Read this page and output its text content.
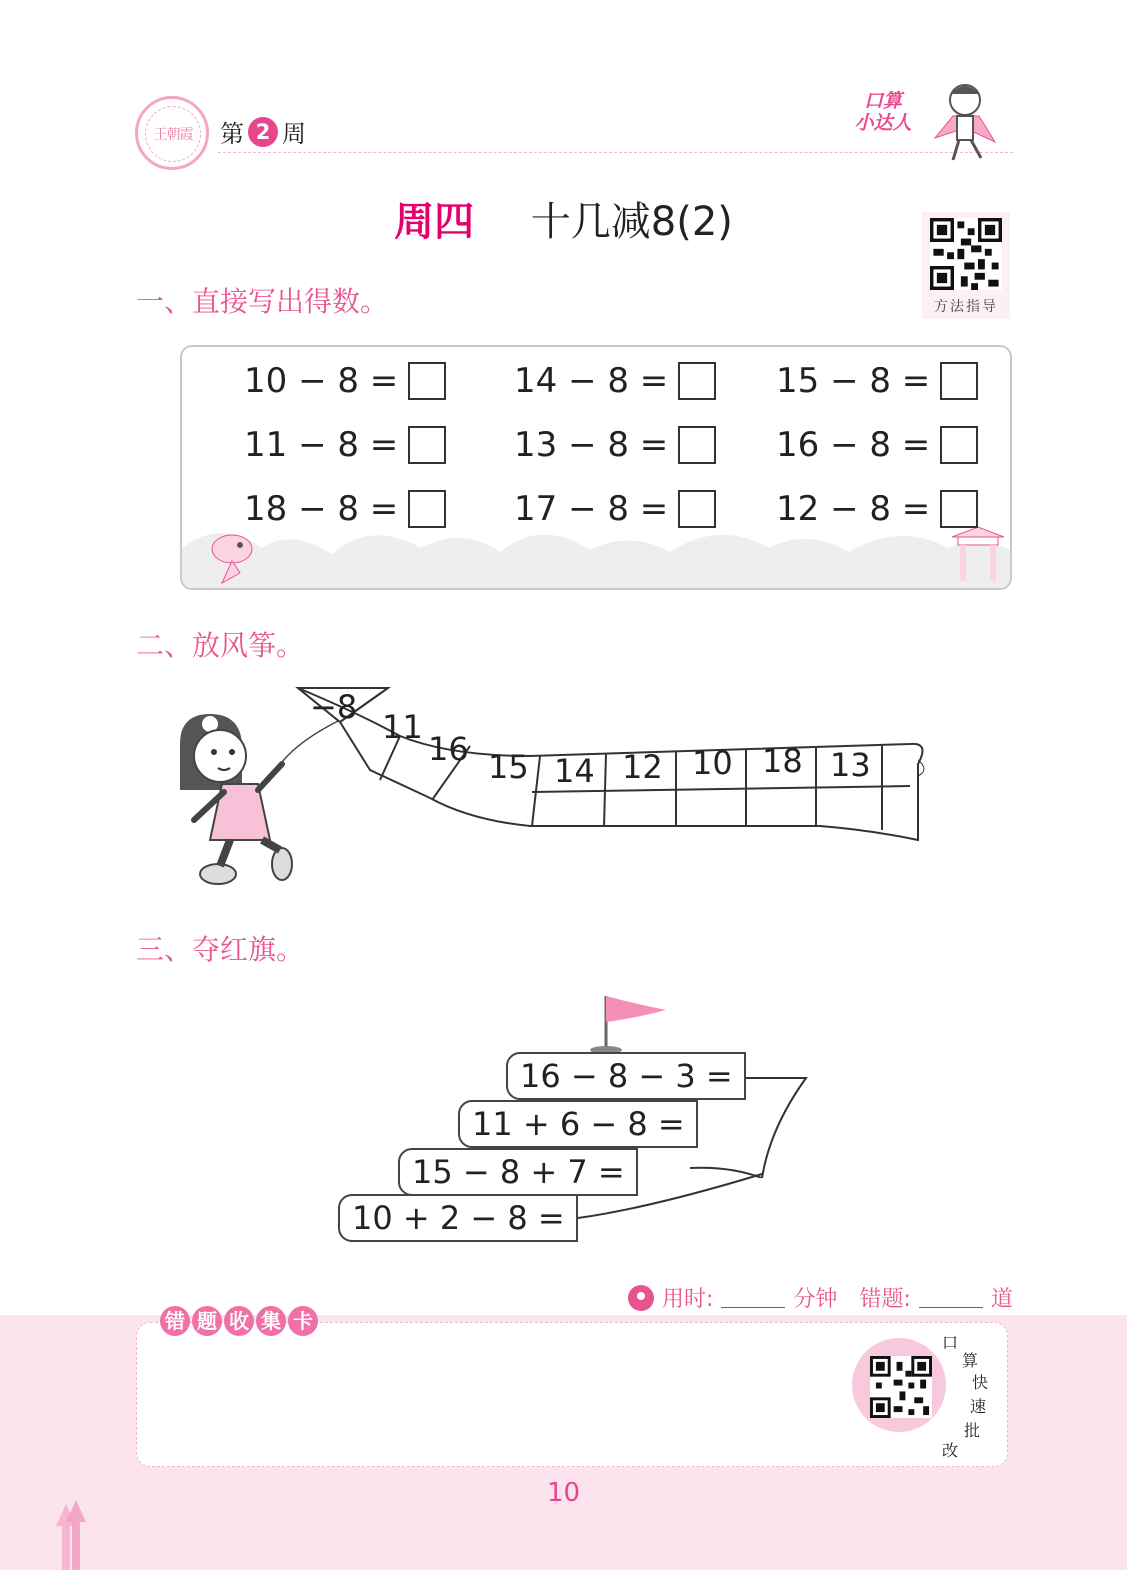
王朝霞	第 2 周
口算
小达人
周四 十几减8(2)
方法指导
一、直接写出得数。
10 − 8 =	14 − 8 =	15 − 8 =
11 − 8 =	13 − 8 =	16 − 8 =
18 − 8 =	17 − 8 =	12 − 8 =
二、放风筝。
−8
11
16 15 14 12 10 18 13
三、夺红旗。
16 − 8 − 3 =
11 + 6 − 8 =
15 − 8 + 7 =
10 + 2 − 8 =
用时:	分钟 错题:	道
错 题 收 集 卡
口
算
快
速
批
改
10
